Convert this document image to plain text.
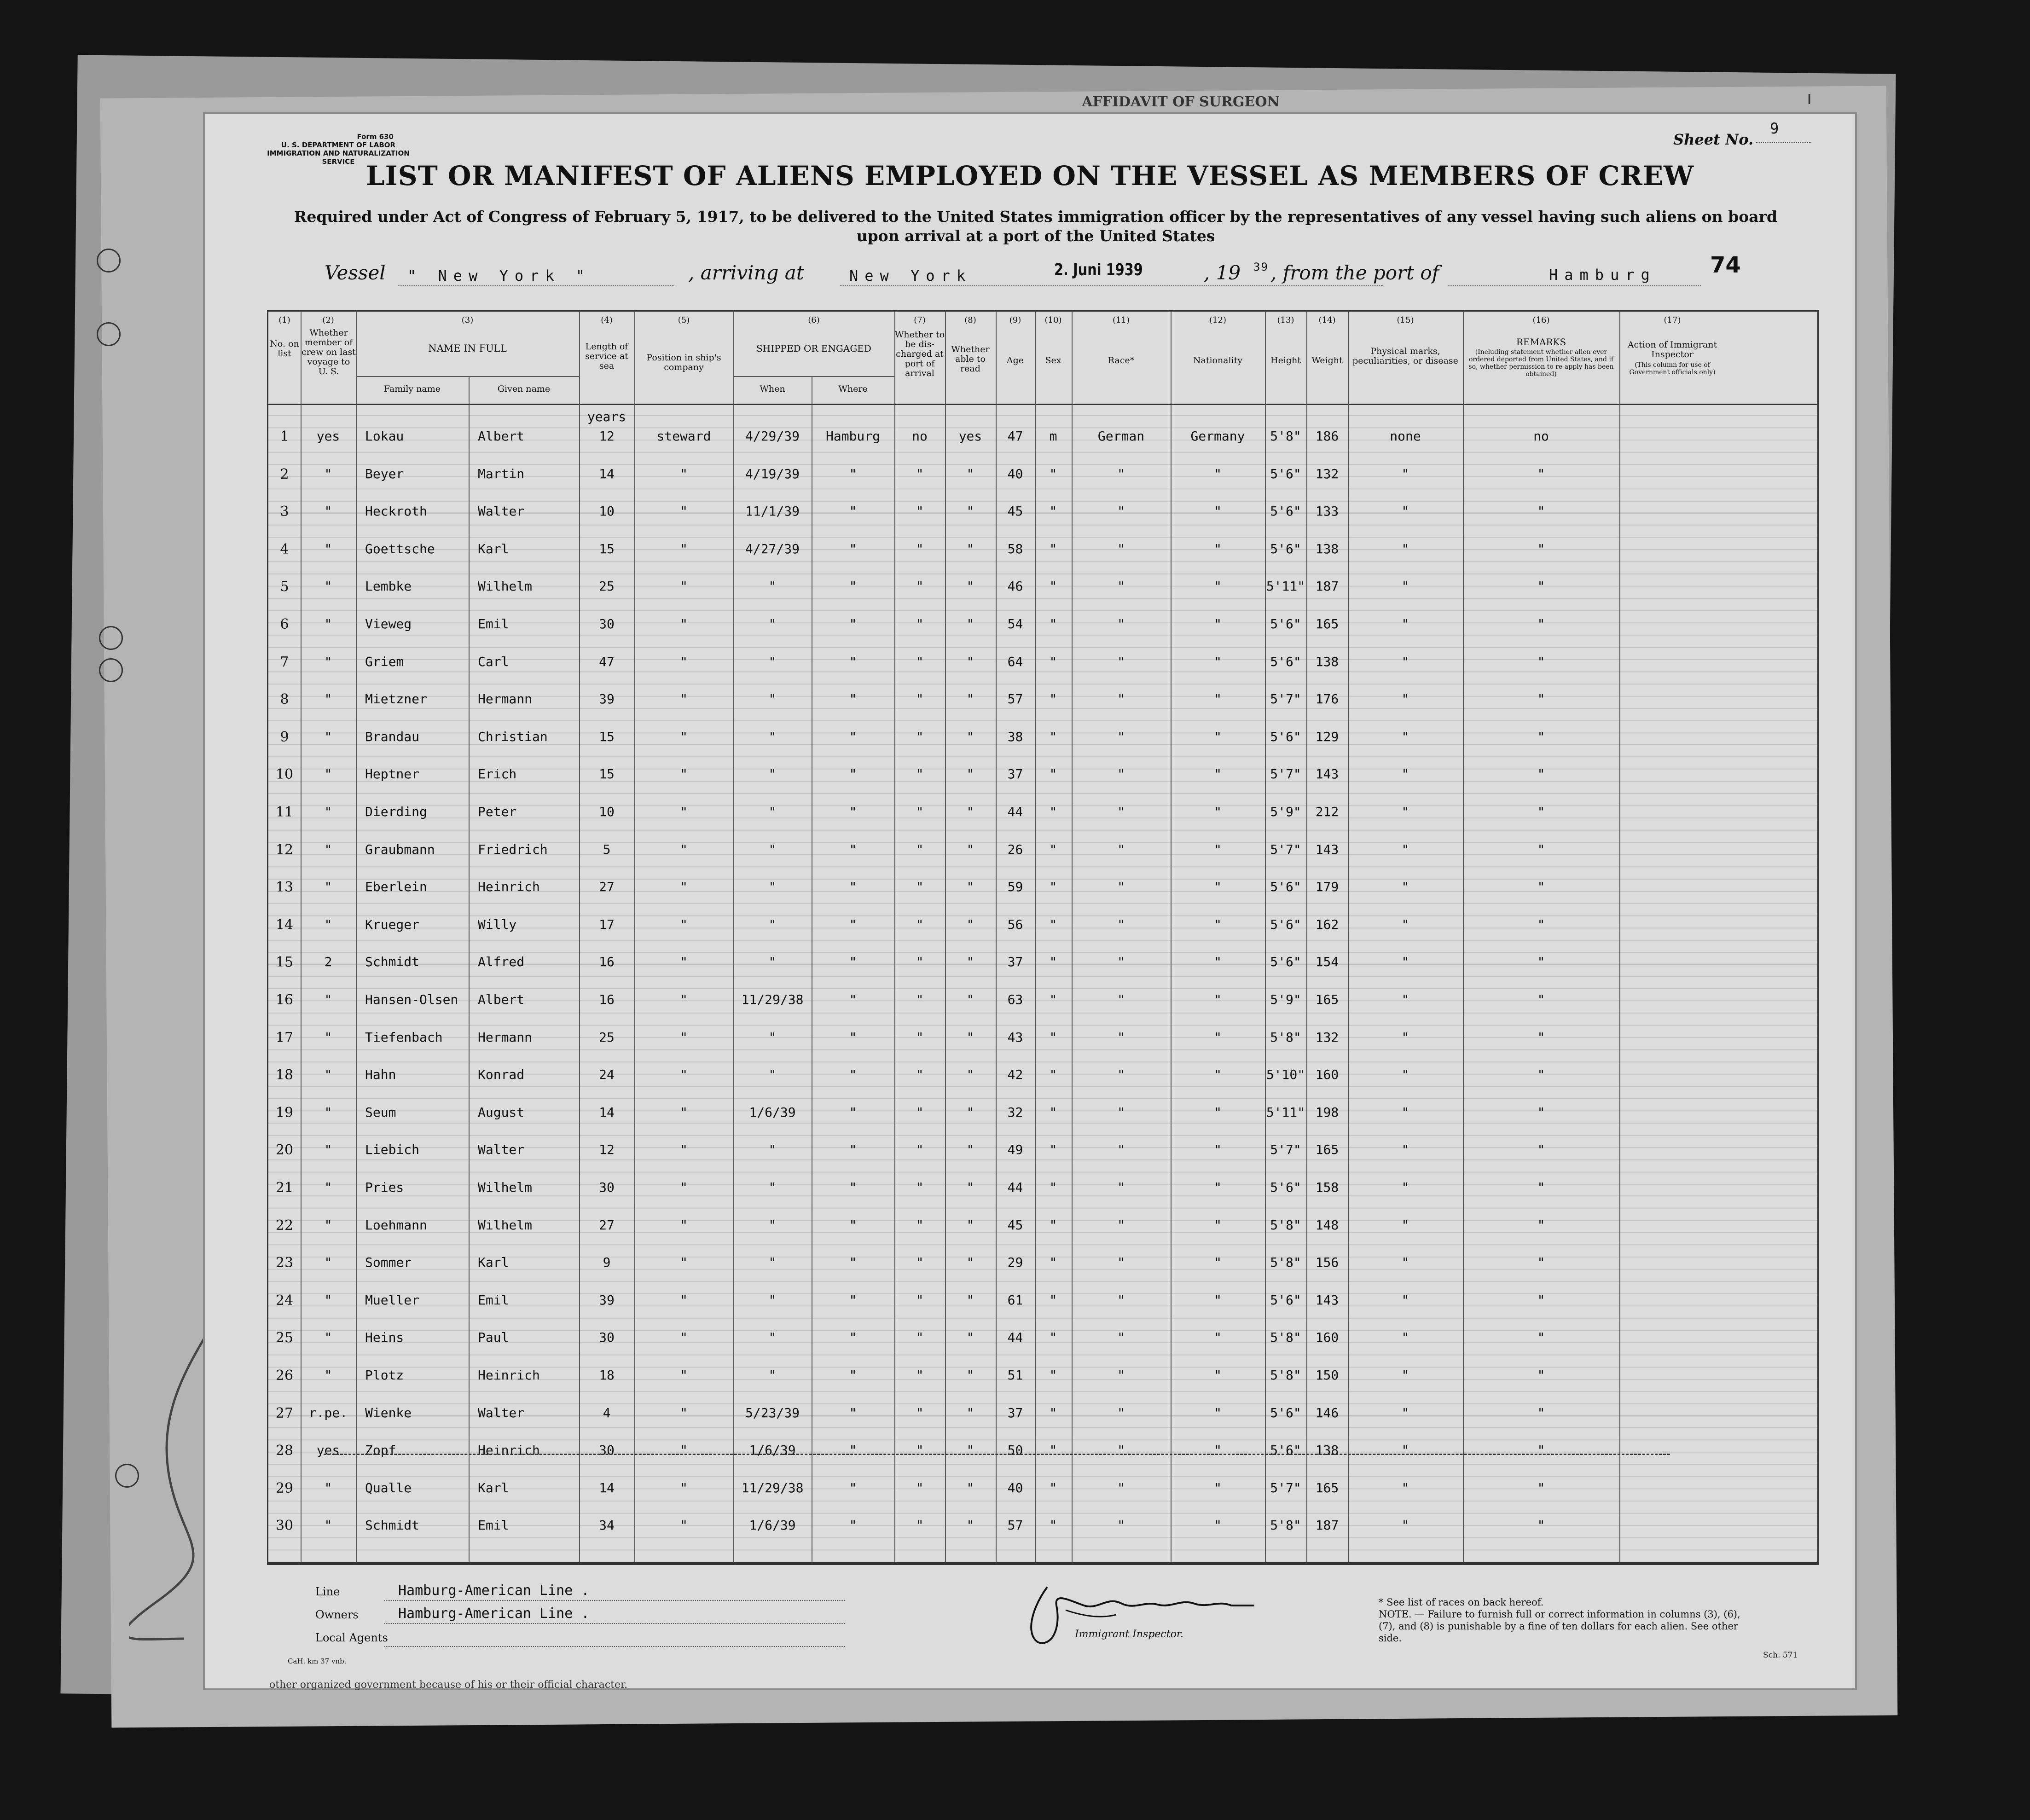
AFFIDAVIT OF SURGEON	ı
Form 630
U. S. DEPARTMENT OF LABOR
IMMIGRATION AND NATURALIZATION SERVICE
Sheet No.
9
LIST OR MANIFEST OF ALIENS EMPLOYED ON THE VESSEL AS MEMBERS OF CREW
Required under Act of Congress of February 5, 1917, to be delivered to the United States immigration officer by the representatives of any vessel having such aliens on board upon arrival at a port of the United States
Vessel " New York "	, arriving at	New York	2. Juni 1939	, 19 39 , from the port of	Hamburg 74
(1)	(2)	(3)	(4)	(5)	(6)	(7)	(8)	(9)	(10)	(11)	(12)	(13)	(14)	(15)	(16)	(17)
No. on list
Whether member of crew on last voyage to U. S.
NAME IN FULL
Family name	Given name
Length of service at sea
Position in ship's company
SHIPPED OR ENGAGED
When	Where
Whether to be dis-charged at port of arrival
Whether able to read
Age	Sex	Race*	Nationality	Height	Weight
Physical marks, peculiarities, or disease
REMARKS
(Including statement whether alien ever ordered deported from United States, and if so, whether permission to re-apply has been obtained)
Action of Immigrant Inspector
(This column for use of Government officials only)
years
1	yes	Lokau	Albert	12	steward	4/29/39	Hamburg	no	yes	47	m	German	Germany	5'8"	186	none	no
2	"	Beyer	Martin	14	"	4/19/39	"	"	"	40	"	"	"	5'6"	132	"	"
3	"	Heckroth	Walter	10	"	11/1/39	"	"	"	45	"	"	"	5'6"	133	"	"
4	"	Goettsche	Karl	15	"	4/27/39	"	"	"	58	"	"	"	5'6"	138	"	"
5	"	Lembke	Wilhelm	25	"	"	"	"	"	46	"	"	"	5'11" 187	"	"
6	"	Vieweg	Emil	30	"	"	"	"	"	54	"	"	"	5'6"	165	"	"
7	"	Griem	Carl	47	"	"	"	"	"	64	"	"	"	5'6"	138	"	"
8	"	Mietzner	Hermann	39	"	"	"	"	"	57	"	"	"	5'7"	176	"	"
9	"	Brandau	Christian	15	"	"	"	"	"	38	"	"	"	5'6"	129	"	"
10	"	Heptner	Erich	15	"	"	"	"	"	37	"	"	"	5'7"	143	"	"
11	"	Dierding	Peter	10	"	"	"	"	"	44	"	"	"	5'9"	212	"	"
12	"	Graubmann	Friedrich	5	"	"	"	"	"	26	"	"	"	5'7"	143	"	"
13	"	Eberlein	Heinrich	27	"	"	"	"	"	59	"	"	"	5'6"	179	"	"
14	"	Krueger	Willy	17	"	"	"	"	"	56	"	"	"	5'6"	162	"	"
15	2	Schmidt	Alfred	16	"	"	"	"	"	37	"	"	"	5'6"	154	"	"
16	"	Hansen-Olsen	Albert	16	"	11/29/38	"	"	"	63	"	"	"	5'9"	165	"	"
17	"	Tiefenbach	Hermann	25	"	"	"	"	"	43	"	"	"	5'8"	132	"	"
18	"	Hahn	Konrad	24	"	"	"	"	"	42	"	"	"	5'10" 160	"	"
19	"	Seum	August	14	"	1/6/39	"	"	"	32	"	"	"	5'11" 198	"	"
20	"	Liebich	Walter	12	"	"	"	"	"	49	"	"	"	5'7"	165	"	"
21	"	Pries	Wilhelm	30	"	"	"	"	"	44	"	"	"	5'6"	158	"	"
22	"	Loehmann	Wilhelm	27	"	"	"	"	"	45	"	"	"	5'8"	148	"	"
23	"	Sommer	Karl	9	"	"	"	"	"	29	"	"	"	5'8"	156	"	"
24	"	Mueller	Emil	39	"	"	"	"	"	61	"	"	"	5'6"	143	"	"
25	"	Heins	Paul	30	"	"	"	"	"	44	"	"	"	5'8"	160	"	"
26	"	Plotz	Heinrich	18	"	"	"	"	"	51	"	"	"	5'8"	150	"	"
27	r.pe.	Wienke	Walter	4	"	5/23/39	"	"	"	37	"	"	"	5'6"	146	"	"
28	yes	Zopf	Heinrich	30	"	1/6/39	"	"	"	50	"	"	"	5'6"	138	"	"
29	"	Qualle	Karl	14	"	11/29/38	"	"	"	40	"	"	"	5'7"	165	"	"
30	"	Schmidt	Emil	34	"	1/6/39	"	"	"	57	"	"	"	5'8"	187	"	"
Line	Hamburg-American Line .
Owners	Hamburg-American Line .
Local Agents	Immigrant Inspector.
* See list of races on back hereof.
NOTE. — Failure to furnish full or correct information in columns (3), (6), (7), and (8) is punishable by a fine of ten dollars for each alien. See other side.
Sch. 571
CaH. km 37 vnb.
other organized government because of his or their official character.
